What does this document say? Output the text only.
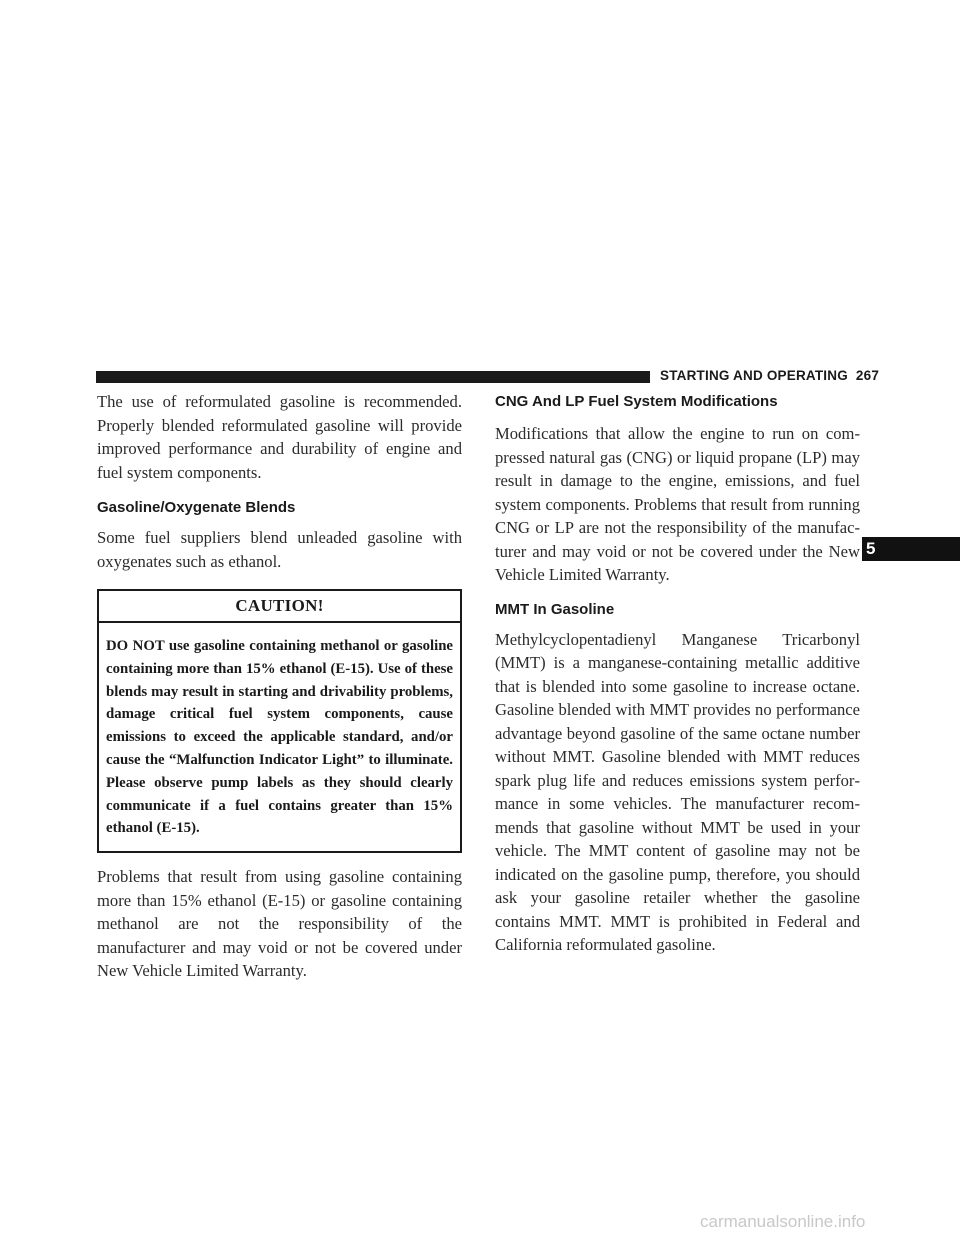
STARTING AND OPERATING 267

The use of reformulated gasoline is recommended. Properly blended reformulated gasoline will provide improved performance and durability of engine and fuel system components.

Gasoline/Oxygenate Blends

Some fuel suppliers blend unleaded gasoline with oxygenates such as ethanol.

CAUTION!
DO NOT use gasoline containing methanol or gasoline containing more than 15% ethanol (E-15). Use of these blends may result in starting and drivability problems, damage critical fuel system components, cause emissions to exceed the applicable standard, and/or cause the “Malfunction Indicator Light” to illuminate. Please observe pump labels as they should clearly communicate if a fuel contains greater than 15% ethanol (E-15).

Problems that result from using gasoline containing more than 15% ethanol (E-15) or gasoline containing methanol are not the responsibility of the manufacturer and may void or not be covered under New Vehicle Limited Warranty.

CNG And LP Fuel System Modifications

Modifications that allow the engine to run on compressed natural gas (CNG) or liquid propane (LP) may result in damage to the engine, emissions, and fuel system components. Problems that result from running CNG or LP are not the responsibility of the manufacturer and may void or not be covered under the New Vehicle Limited Warranty.

MMT In Gasoline

Methylcyclopentadienyl Manganese Tricarbonyl (MMT) is a manganese-containing metallic additive that is blended into some gasoline to increase octane. Gasoline blended with MMT provides no performance advantage beyond gasoline of the same octane number without MMT. Gasoline blended with MMT reduces spark plug life and reduces emissions system performance in some vehicles. The manufacturer recommends that gasoline without MMT be used in your vehicle. The MMT content of gasoline may not be indicated on the gasoline pump, therefore, you should ask your gasoline retailer whether the gasoline contains MMT. MMT is prohibited in Federal and California reformulated gasoline.

5
carmanualsonline.info
